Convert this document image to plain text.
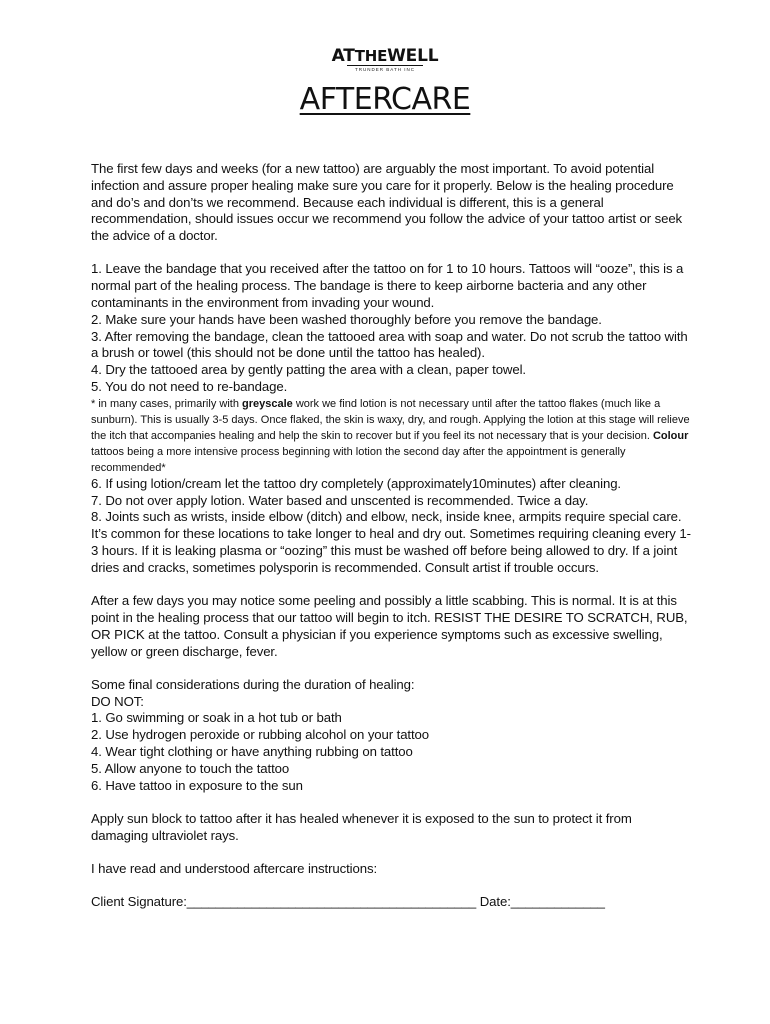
ATTHEWELL
TRUNDER BATH INC
AFTERCARE

The first few days and weeks (for a new tattoo) are arguably the most important. To avoid potential infection and assure proper healing make sure you care for it properly. Below is the healing procedure and do’s and don’ts we recommend. Because each individual is different, this is a general recommendation, should issues occur we recommend you follow the advice of your tattoo artist or seek the advice of a doctor.

1. Leave the bandage that you received after the tattoo on for 1 to 10 hours. Tattoos will “ooze”, this is a normal part of the healing process. The bandage is there to keep airborne bacteria and any other contaminants in the environment from invading your wound.

2. Make sure your hands have been washed thoroughly before you remove the bandage.

3. After removing the bandage, clean the tattooed area with soap and water. Do not scrub the tattoo with a brush or towel (this should not be done until the tattoo has healed).

4. Dry the tattooed area by gently patting the area with a clean, paper towel.

5. You do not need to re-bandage.

* in many cases, primarily with greyscale work we find lotion is not necessary until after the tattoo flakes (much like a sunburn). This is usually 3-5 days. Once flaked, the skin is waxy, dry, and rough. Applying the lotion at this stage will relieve the itch that accompanies healing and help the skin to recover but if you feel its not necessary that is your decision. Colour tattoos being a more intensive process beginning with lotion the second day after the appointment is generally recommended*

6. If using lotion/cream let the tattoo dry completely (approximately10minutes) after cleaning.

7. Do not over apply lotion. Water based and unscented is recommended. Twice a day.

8. Joints such as wrists, inside elbow (ditch) and elbow, neck, inside knee, armpits require special care. It’s common for these locations to take longer to heal and dry out. Sometimes requiring cleaning every 1-3 hours. If it is leaking plasma or “oozing” this must be washed off before being allowed to dry. If a joint dries and cracks, sometimes polysporin is recommended. Consult artist if trouble occurs.

After a few days you may notice some peeling and possibly a little scabbing. This is normal. It is at this point in the healing process that our tattoo will begin to itch. RESIST THE DESIRE TO SCRATCH, RUB, OR PICK at the tattoo. Consult a physician if you experience symptoms such as excessive swelling, yellow or green discharge, fever.

Some final considerations during the duration of healing:

DO NOT:

1. Go swimming or soak in a hot tub or bath
2. Use hydrogen peroxide or rubbing alcohol on your tattoo
4. Wear tight clothing or have anything rubbing on tattoo
5. Allow anyone to touch the tattoo
6. Have tattoo in exposure to the sun

Apply sun block to tattoo after it has healed whenever it is exposed to the sun to protect it from damaging ultraviolet rays.

I have read and understood aftercare instructions:

Client Signature:________________________________________ Date:_____________
